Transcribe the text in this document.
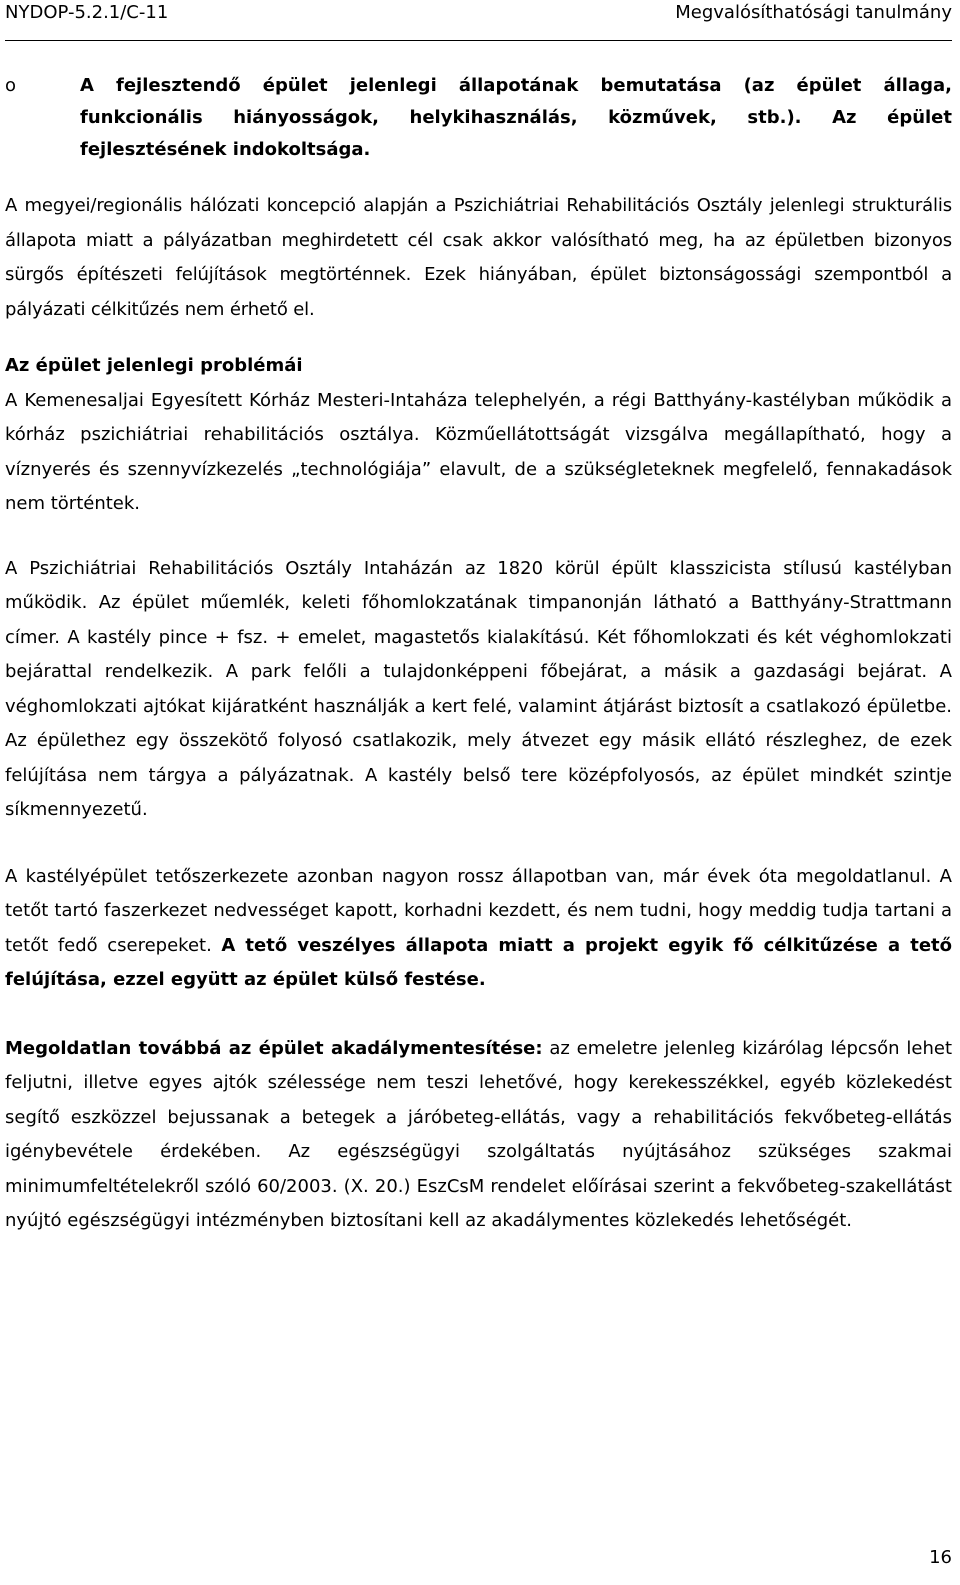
NYDOP-5.2.1/C-11	Megvalósíthatósági tanulmány
o	A fejlesztendő épület jelenlegi állapotának bemutatása (az épület állaga, funkcionális hiányosságok, helykihasználás, közművek, stb.). Az épület fejlesztésének indokoltsága.

A megyei/regionális hálózati koncepció alapján a Pszichiátriai Rehabilitációs Osztály jelenlegi strukturális állapota miatt a pályázatban meghirdetett cél csak akkor valósítható meg, ha az épületben bizonyos sürgős építészeti felújítások megtörténnek. Ezek hiányában, épület biztonságossági szempontból a pályázati célkitűzés nem érhető el.

Az épület jelenlegi problémái

A Kemenesaljai Egyesített Kórház Mesteri-Intaháza telephelyén, a régi Batthyány-kastélyban működik a kórház pszichiátriai rehabilitációs osztálya. Közműellátottságát vizsgálva megállapítható, hogy a víznyerés és szennyvízkezelés „technológiája” elavult, de a szükségleteknek megfelelő, fennakadások nem történtek.

A Pszichiátriai Rehabilitációs Osztály Intaházán az 1820 körül épült klasszicista stílusú kastélyban működik. Az épület műemlék, keleti főhomlokzatának timpanonján látható a Batthyány-Strattmann címer. A kastély pince + fsz. + emelet, magastetős kialakítású. Két főhomlokzati és két véghomlokzati bejárattal rendelkezik. A park felőli a tulajdonképpeni főbejárat, a másik a gazdasági bejárat. A véghomlokzati ajtókat kijáratként használják a kert felé, valamint átjárást biztosít a csatlakozó épületbe. Az épülethez egy összekötő folyosó csatlakozik, mely átvezet egy másik ellátó részleghez, de ezek felújítása nem tárgya a pályázatnak. A kastély belső tere középfolyosós, az épület mindkét szintje síkmennyezetű.

A kastélyépület tetőszerkezete azonban nagyon rossz állapotban van, már évek óta megoldatlanul. A tetőt tartó faszerkezet nedvességet kapott, korhadni kezdett, és nem tudni, hogy meddig tudja tartani a tetőt fedő cserepeket. A tető veszélyes állapota miatt a projekt egyik fő célkitűzése a tető felújítása, ezzel együtt az épület külső festése.

Megoldatlan továbbá az épület akadálymentesítése: az emeletre jelenleg kizárólag lépcsőn lehet feljutni, illetve egyes ajtók szélessége nem teszi lehetővé, hogy kerekesszékkel, egyéb közlekedést segítő eszközzel bejussanak a betegek a járóbeteg-ellátás, vagy a rehabilitációs fekvőbeteg-ellátás igénybevétele érdekében. Az egészségügyi szolgáltatás nyújtásához szükséges szakmai minimumfeltételekről szóló 60/2003. (X. 20.) EszCsM rendelet előírásai szerint a fekvőbeteg-szakellátást nyújtó egészségügyi intézményben biztosítani kell az akadálymentes közlekedés lehetőségét.

16
